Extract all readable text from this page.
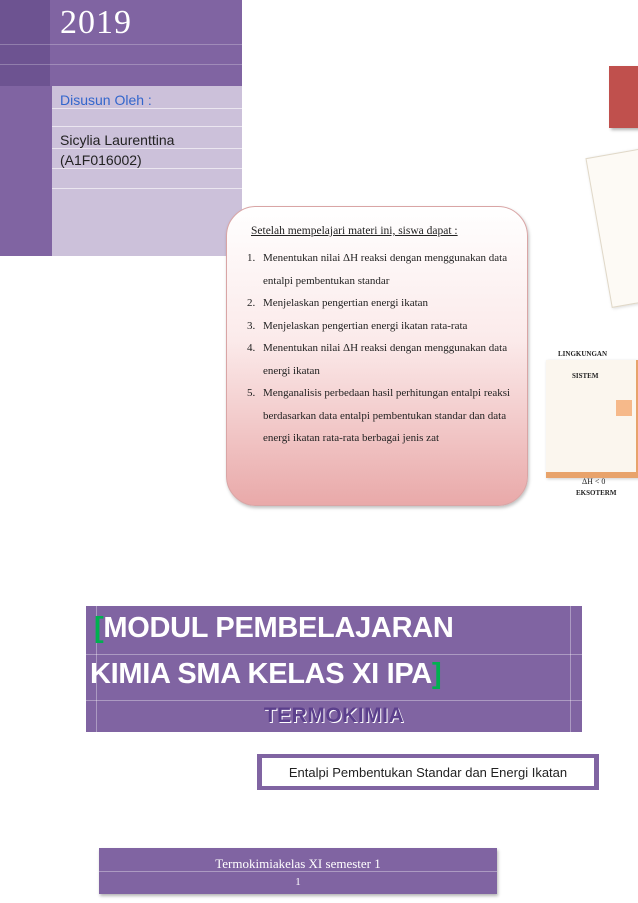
2019
Disusun Oleh :
Sicylia Laurenttina
(A1F016002)
LINGKUNGAN
SISTEM
ΔH < 0
EKSOTERM
Setelah mempelajari materi ini, siswa dapat :
1. Menentukan nilai ΔH reaksi dengan menggunakan data entalpi pembentukan standar
2. Menjelaskan pengertian energi ikatan
3. Menjelaskan pengertian energi ikatan rata-rata
4. Menentukan nilai ΔH reaksi dengan menggunakan data energi ikatan
5. Menganalisis perbedaan hasil perhitungan entalpi reaksi berdasarkan data entalpi pembentukan standar dan data energi ikatan rata-rata berbagai jenis zat
[MODUL PEMBELAJARAN
KIMIA SMA KELAS XI IPA]
TERMOKIMIA
Entalpi Pembentukan Standar dan Energi Ikatan
Termokimiakelas XI semester 1
1
